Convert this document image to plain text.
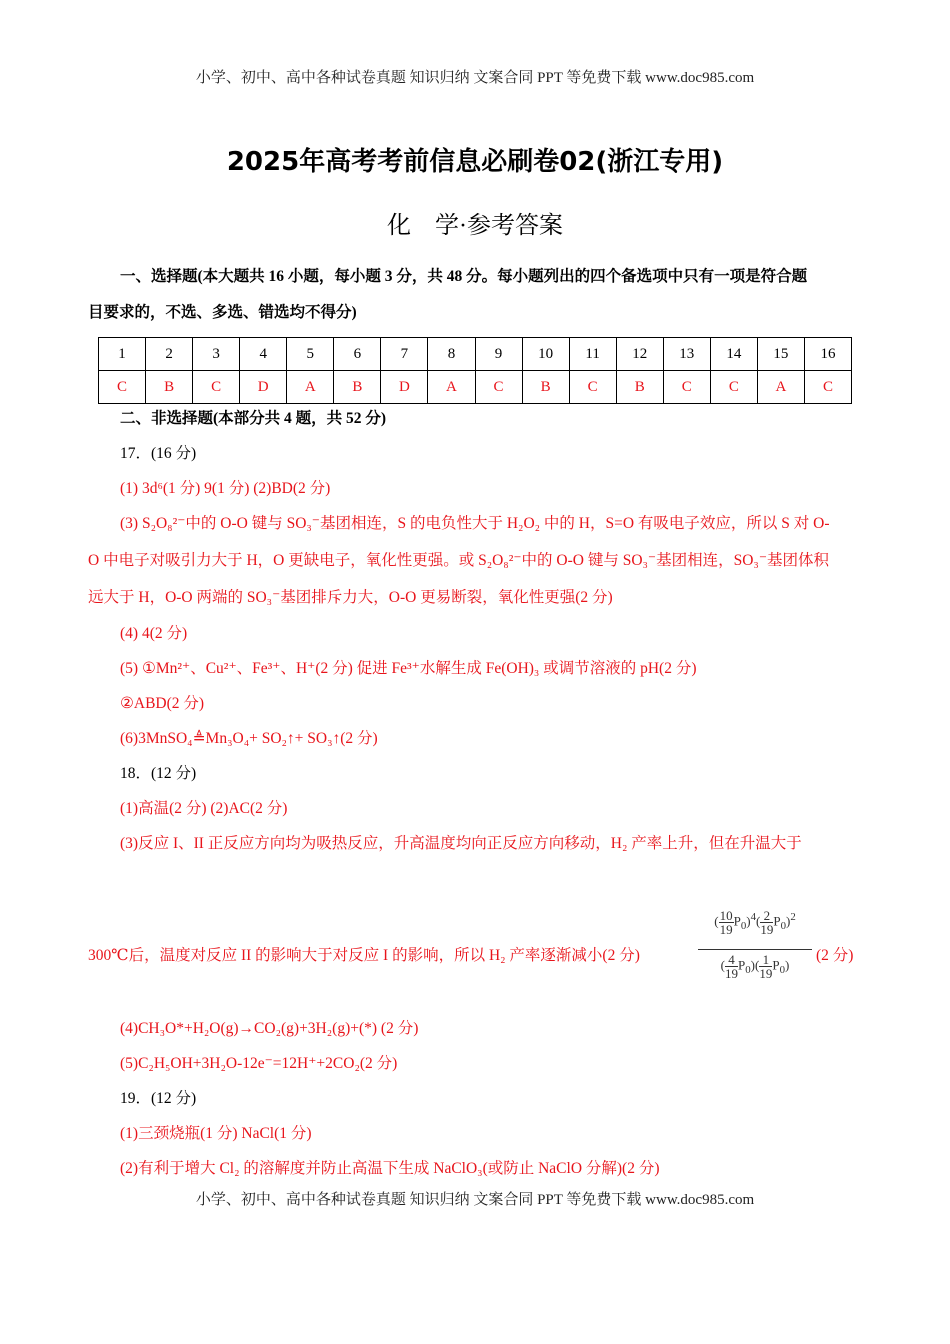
小学、初中、高中各种试卷真题 知识归纳 文案合同 PPT 等免费下载 www.doc985.com
2025年高考考前信息必刷卷02(浙江专用)
化　学·参考答案
一、选择题(本大题共 16 小题，每小题 3 分，共 48 分。每小题列出的四个备选项中只有一项是符合题
目要求的，不选、多选、错选均不得分)
1	2	3	4	5	6	7	8	9	10	11	12	13	14	15	16
C	B	C	D	A	B	D	A	C	B	C	B	C	C	A	C
二、非选择题(本部分共 4 题，共 52 分)
17．(16 分)
(1) 3d⁶(1 分) 9(1 分) (2)BD(2 分)
(3) S₂O₈²⁻中的 O-O 键与 SO₃⁻基团相连，S 的电负性大于 H₂O₂ 中的 H，S=O 有吸电子效应，所以 S 对 O-
O 中电子对吸引力大于 H，O 更缺电子，氧化性更强。或 S₂O₈²⁻中的 O-O 键与 SO₃⁻基团相连，SO₃⁻基团体积
远大于 H，O-O 两端的 SO₃⁻基团排斥力大，O-O 更易断裂，氧化性更强(2 分)
(4) 4(2 分)
(5) ①Mn²⁺、Cu²⁺、Fe³⁺、H⁺(2 分) 促进 Fe³⁺水解生成 Fe(OH)₃ 或调节溶液的 pH(2 分)
②ABD(2 分)
(6)3MnSO₄≜Mn₃O₄+ SO₂↑+ SO₃↑(2 分)
18．(12 分)
(1)高温(2 分) (2)AC(2 分)
(3)反应 I、II 正反应方向均为吸热反应，升高温度均向正反应方向移动，H₂ 产率上升，但在升温大于
300℃后，温度对反应 II 的影响大于对反应 I 的影响，所以 H₂ 产率逐渐减小(2 分)
( $\frac{10}{19} P_0)^4( \frac{2}{19} P_0)^2$
( $\frac{4}{19} P_0)( \frac{1}{19} P_0)$
(2 分)
(4)CH₃O*+H₂O(g)→CO₂(g)+3H₂(g)+(*) (2 分)
(5)C₂H₅OH+3H₂O-12e⁻=12H⁺+2CO₂(2 分)
19．(12 分)
(1)三颈烧瓶(1 分) NaCl(1 分)
(2)有利于增大 Cl₂ 的溶解度并防止高温下生成 NaClO₃(或防止 NaClO 分解)(2 分)
小学、初中、高中各种试卷真题 知识归纳 文案合同 PPT 等免费下载 www.doc985.com
